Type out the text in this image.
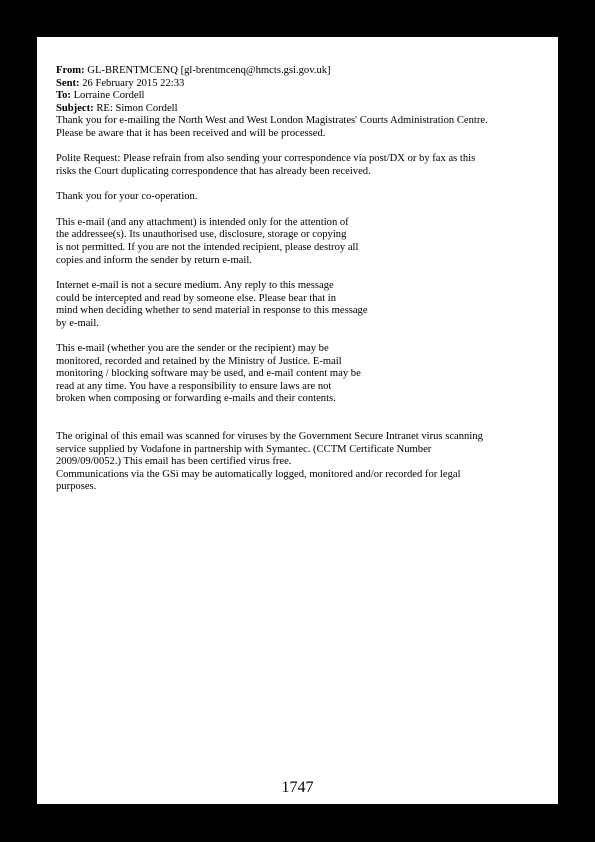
From: GL-BRENTMCENQ [gl-brentmcenq@hmcts.gsi.gov.uk]
Sent: 26 February 2015 22:33
To: Lorraine Cordell
Subject: RE: Simon Cordell

Thank you for e-mailing the North West and West London Magistrates' Courts Administration Centre.
Please be aware that it has been received and will be processed.

Polite Request: Please refrain from also sending your correspondence via post/DX or by fax as this
risks the Court duplicating correspondence that has already been received.

Thank you for your co-operation.

This e-mail (and any attachment) is intended only for the attention of
the addressee(s). Its unauthorised use, disclosure, storage or copying
is not permitted. If you are not the intended recipient, please destroy all
copies and inform the sender by return e-mail.

Internet e-mail is not a secure medium. Any reply to this message
could be intercepted and read by someone else. Please bear that in
mind when deciding whether to send material in response to this message
by e-mail.

This e-mail (whether you are the sender or the recipient) may be
monitored, recorded and retained by the Ministry of Justice. E-mail
monitoring / blocking software may be used, and e-mail content may be
read at any time. You have a responsibility to ensure laws are not
broken when composing or forwarding e-mails and their contents.

The original of this email was scanned for viruses by the Government Secure Intranet virus scanning
service supplied by Vodafone in partnership with Symantec. (CCTM Certificate Number
2009/09/0052.) This email has been certified virus free.
Communications via the GSi may be automatically logged, monitored and/or recorded for legal
purposes.

1747
